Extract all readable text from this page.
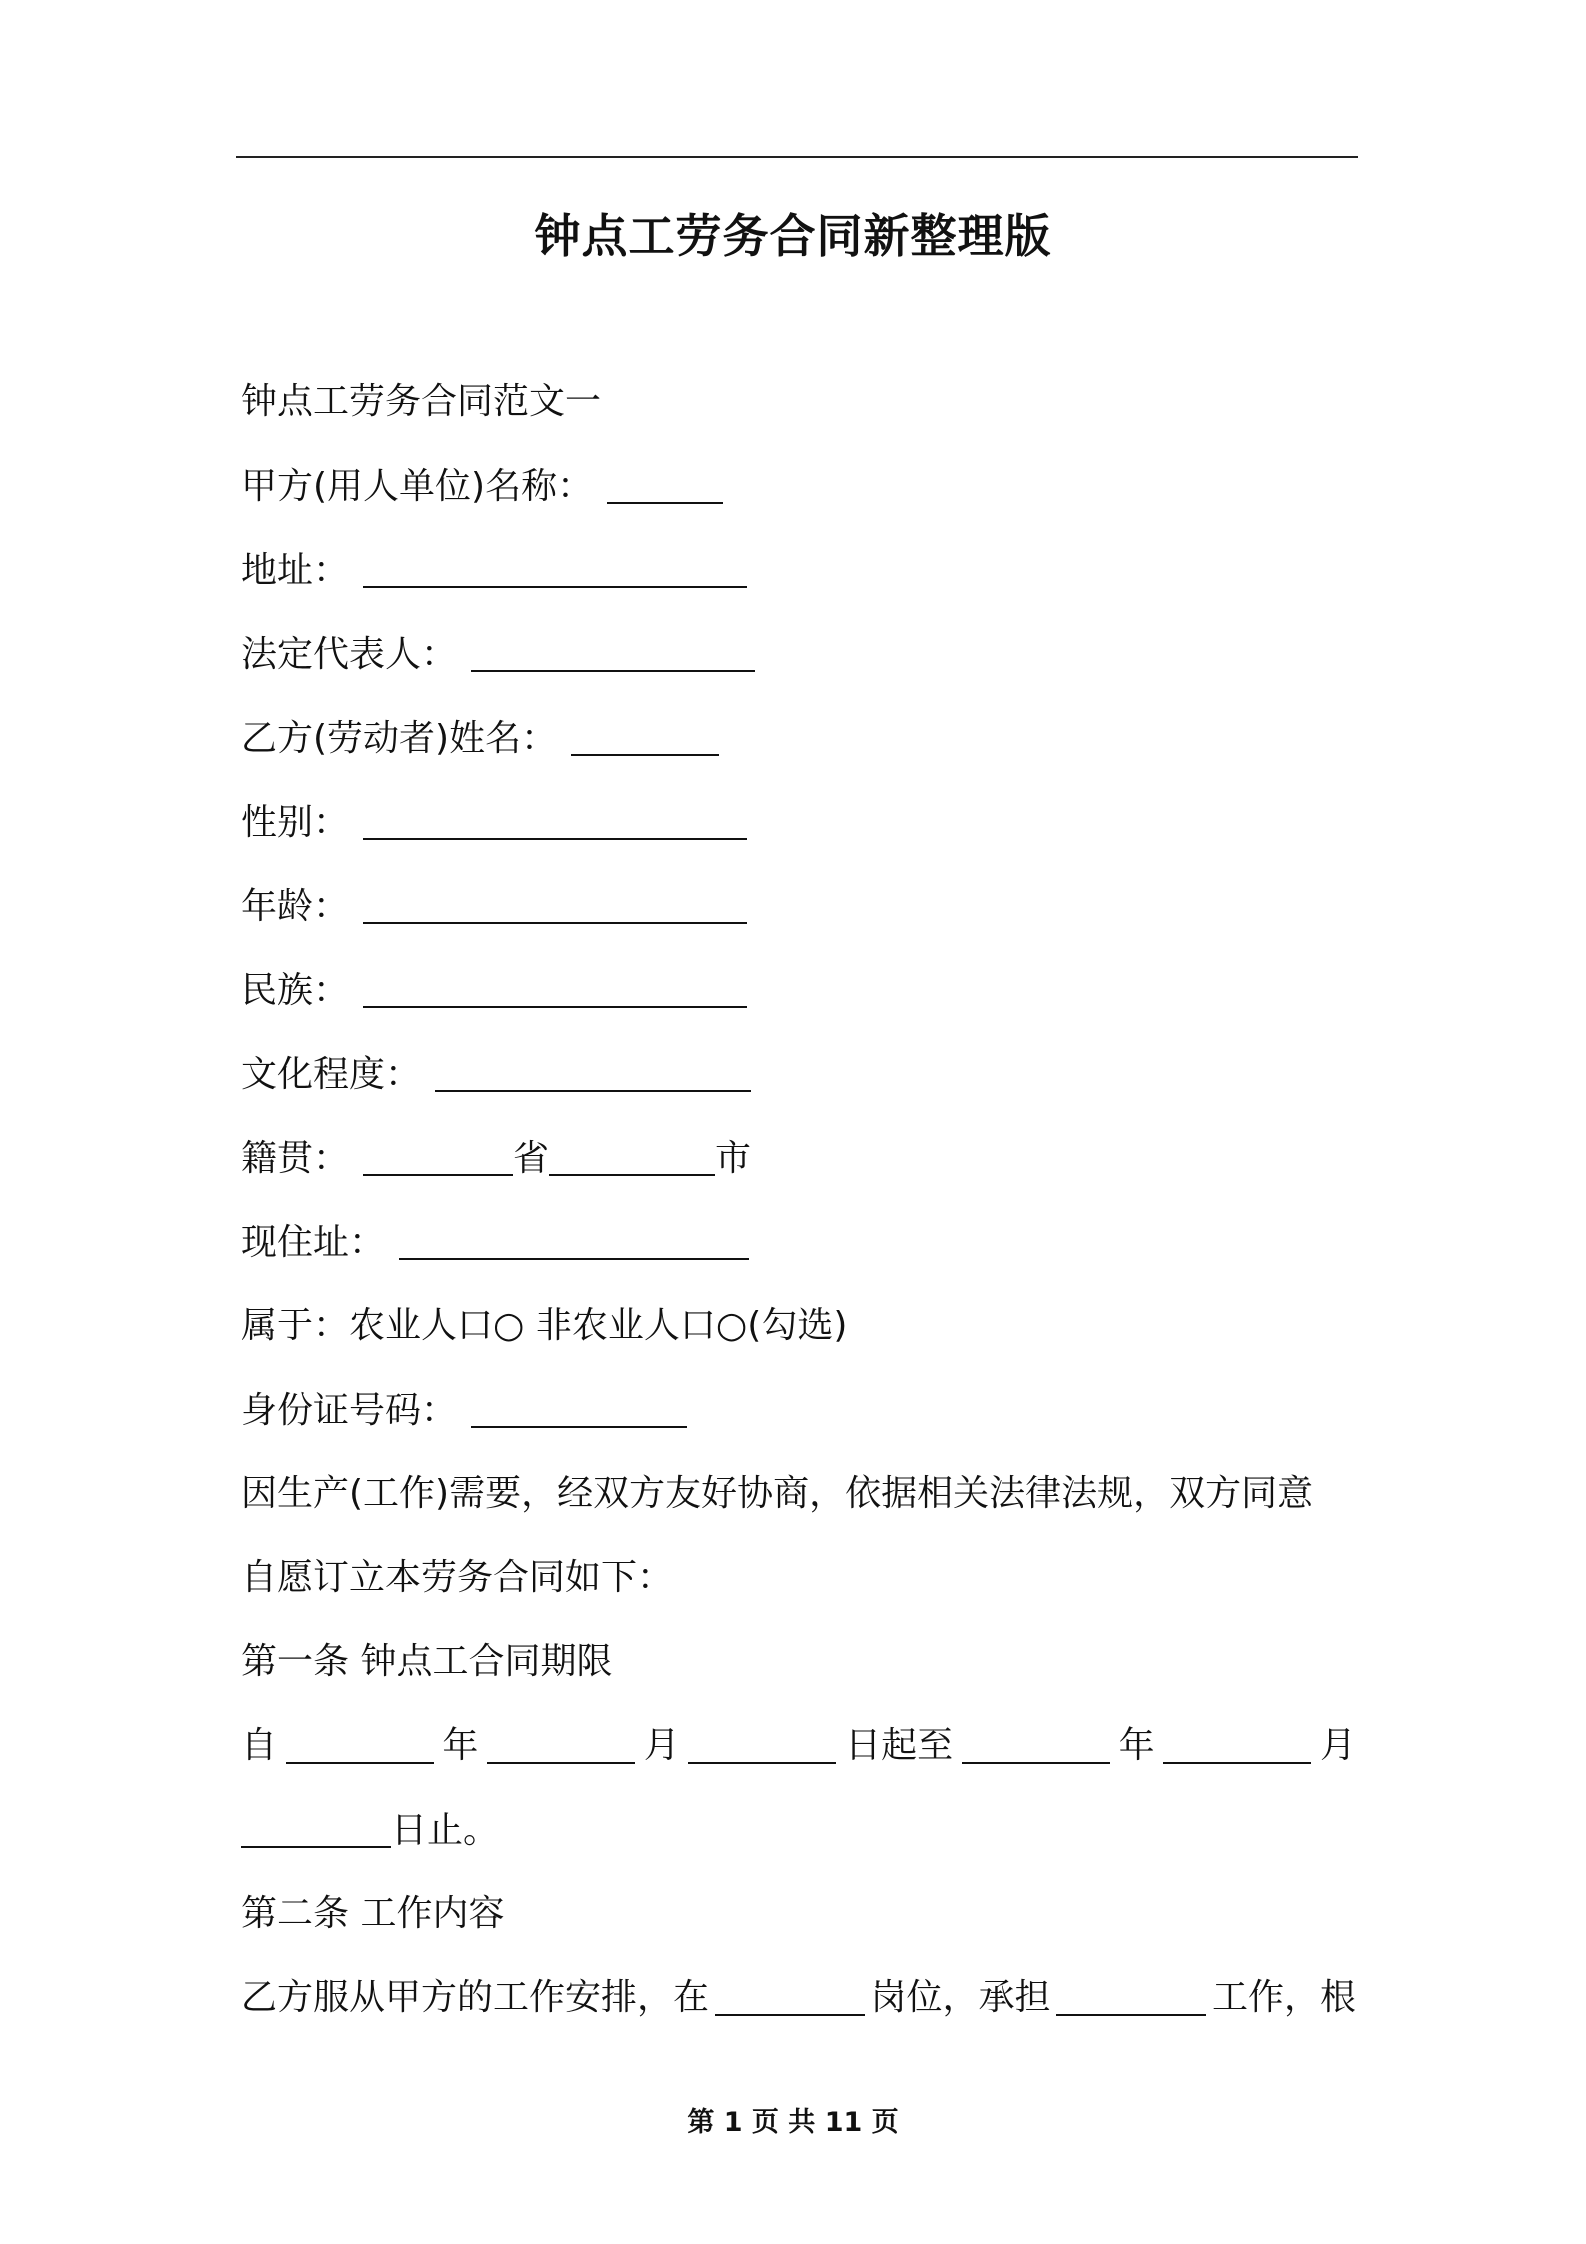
钟点工劳务合同新整理版
钟点工劳务合同范文一
甲方(用人单位)名称：
地址：
法定代表人：
乙方(劳动者)姓名：
性别：
年龄：
民族：
文化程度：
籍贯：	省	市
现住址：
属于：农业人口○ 非农业人口○(勾选)
身份证号码：
因生产(工作)需要，经双方友好协商，依据相关法律法规，双方同意
自愿订立本劳务合同如下：
第一条 钟点工合同期限
自	年	月	日起至	年	月
日止。
第二条 工作内容
乙方服从甲方的工作安排，在	岗位，承担	工作，根
第 1 页 共 11 页
